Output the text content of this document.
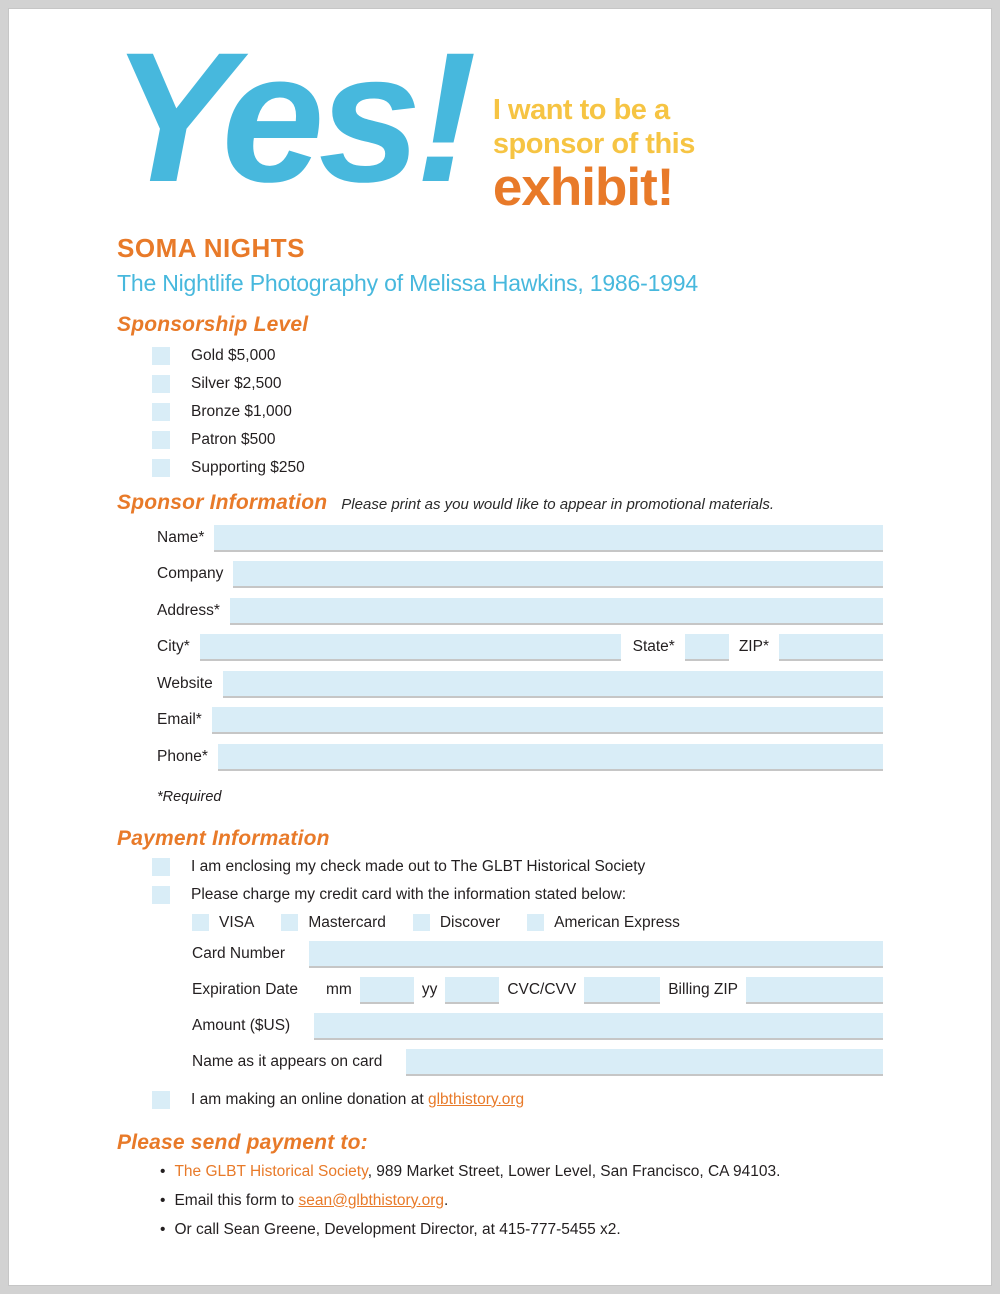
Yes! I want to be a
sponsor of this
exhibit!
SOMA NIGHTS
The Nightlife Photography of Melissa Hawkins, 1986-1994
Sponsorship Level
Gold $5,000
Silver $2,500
Bronze $1,000
Patron $500
Supporting $250
Sponsor Information Please print as you would like to appear in promotional materials.
Name*
Company
Address*
City*	State*	ZIP*
Website
Email*
Phone*
*Required
Payment Information
I am enclosing my check made out to The GLBT Historical Society
Please charge my credit card with the information stated below:
VISA	Mastercard	Discover	American Express
Card Number
Expiration Date	mm	yy	CVC/CVV	Billing ZIP
Amount ($US)
Name as it appears on card
I am making an online donation at glbthistory.org
Please send payment to:
• The GLBT Historical Society, 989 Market Street, Lower Level, San Francisco, CA 94103.
• Email this form to sean@glbthistory.org.
• Or call Sean Greene, Development Director, at 415-777-5455 x2.
